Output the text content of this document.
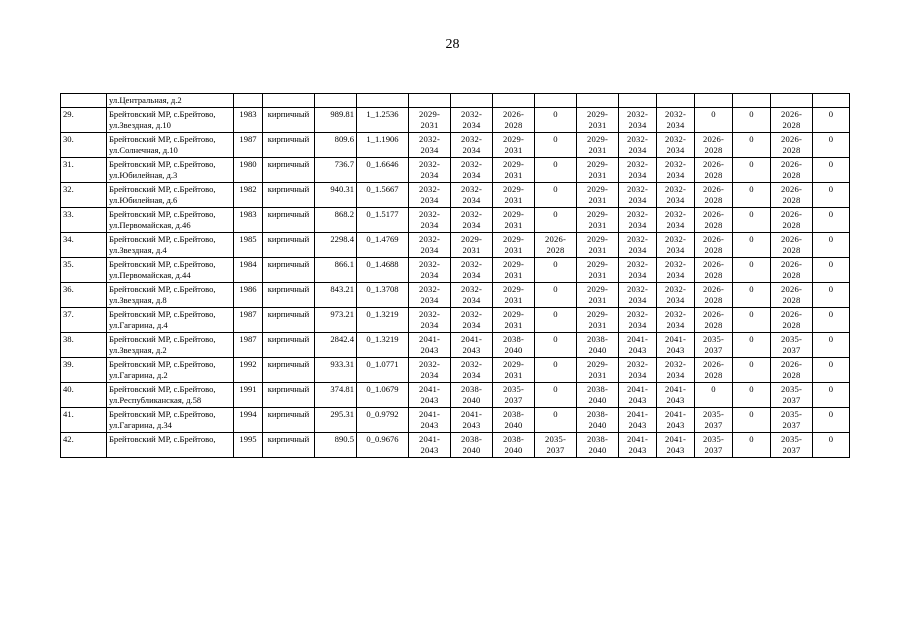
28
	ул.Центральная, д.2															
29.	Брейтовский МР, с.Брейтово, ул.Звездная, д.10	1983	кирпичный	989.81	1_1.2536	2029-
2031	2032-
2034	2026-
2028	0	2029-
2031	2032-
2034	2032-
2034	0	0	2026-
2028	0
30.	Брейтовский МР, с.Брейтово, ул.Солнечная, д.10	1987	кирпичный	809.6	1_1.1906	2032-
2034	2032-
2034	2029-
2031	0	2029-
2031	2032-
2034	2032-
2034	2026-
2028	0	2026-
2028	0
31.	Брейтовский МР, с.Брейтово, ул.Юбилейная, д.3	1980	кирпичный	736.7	0_1.6646	2032-
2034	2032-
2034	2029-
2031	0	2029-
2031	2032-
2034	2032-
2034	2026-
2028	0	2026-
2028	0
32.	Брейтовский МР, с.Брейтово, ул.Юбилейная, д.6	1982	кирпичный	940.31	0_1.5667	2032-
2034	2032-
2034	2029-
2031	0	2029-
2031	2032-
2034	2032-
2034	2026-
2028	0	2026-
2028	0
33.	Брейтовский МР, с.Брейтово, ул.Первомайская, д.46	1983	кирпичный	868.2	0_1.5177	2032-
2034	2032-
2034	2029-
2031	0	2029-
2031	2032-
2034	2032-
2034	2026-
2028	0	2026-
2028	0
34.	Брейтовский МР, с.Брейтово, ул.Звездная, д.4	1985	кирпичный	2298.4	0_1.4769	2032-
2034	2029-
2031	2029-
2031	2026-
2028	2029-
2031	2032-
2034	2032-
2034	2026-
2028	0	2026-
2028	0
35.	Брейтовский МР, с.Брейтово, ул.Первомайская, д.44	1984	кирпичный	866.1	0_1.4688	2032-
2034	2032-
2034	2029-
2031	0	2029-
2031	2032-
2034	2032-
2034	2026-
2028	0	2026-
2028	0
36.	Брейтовский МР, с.Брейтово, ул.Звездная, д.8	1986	кирпичный	843.21	0_1.3708	2032-
2034	2032-
2034	2029-
2031	0	2029-
2031	2032-
2034	2032-
2034	2026-
2028	0	2026-
2028	0
37.	Брейтовский МР, с.Брейтово, ул.Гагарина, д.4	1987	кирпичный	973.21	0_1.3219	2032-
2034	2032-
2034	2029-
2031	0	2029-
2031	2032-
2034	2032-
2034	2026-
2028	0	2026-
2028	0
38.	Брейтовский МР, с.Брейтово, ул.Звездная, д.2	1987	кирпичный	2842.4	0_1.3219	2041-
2043	2041-
2043	2038-
2040	0	2038-
2040	2041-
2043	2041-
2043	2035-
2037	0	2035-
2037	0
39.	Брейтовский МР, с.Брейтово, ул.Гагарина, д.2	1992	кирпичный	933.31	0_1.0771	2032-
2034	2032-
2034	2029-
2031	0	2029-
2031	2032-
2034	2032-
2034	2026-
2028	0	2026-
2028	0
40.	Брейтовский МР, с.Брейтово, ул.Республиканская, д.58	1991	кирпичный	374.81	0_1.0679	2041-
2043	2038-
2040	2035-
2037	0	2038-
2040	2041-
2043	2041-
2043	0	0	2035-
2037	0
41.	Брейтовский МР, с.Брейтово, ул.Гагарина, д.34	1994	кирпичный	295.31	0_0.9792	2041-
2043	2041-
2043	2038-
2040	0	2038-
2040	2041-
2043	2041-
2043	2035-
2037	0	2035-
2037	0
42.	Брейтовский МР, с.Брейтово,	1995	кирпичный	890.5	0_0.9676	2041-
2043	2038-
2040	2038-
2040	2035-
2037	2038-
2040	2041-
2043	2041-
2043	2035-
2037	0	2035-
2037	0
